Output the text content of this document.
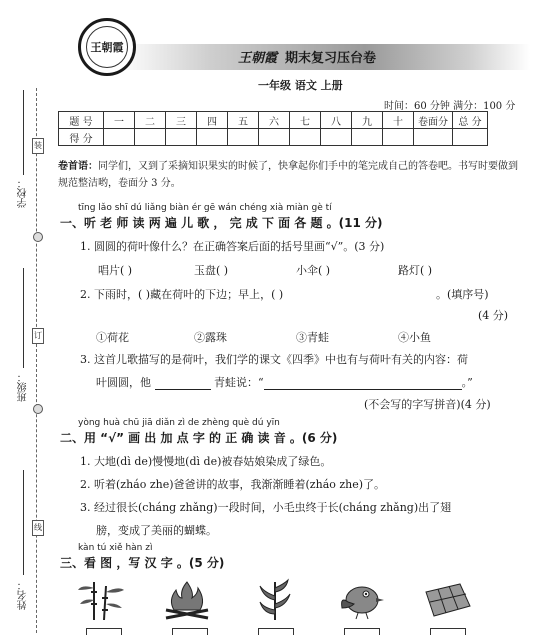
学校：
装
班级：
订
姓名：
线
王朝霞
王朝霞 期末复习压台卷
一年级 语文 上册
时间：60 分钟 满分：100 分
题 号	一	二	三	四	五	六	七	八	九	十	卷面分	总 分
得 分												
卷首语：同学们，又到了采摘知识果实的时候了，快拿起你们手中的笔完成自己的答卷吧。书写时要做到规范整洁哟，卷面分 3 分。
tīng lǎo shī dú liǎng biàn ér gē wán chéng xià miàn gè tí
一、听 老 师 读 两 遍 儿 歌 ， 完 成 下 面 各 题 。(11 分)
1. 圆圆的荷叶像什么？在正确答案后面的括号里画“√”。(3 分)
唱片( )	玉盘( )	小伞( )	路灯( )
2. 下雨时，( )藏在荷叶的下边；早上，( )	。(填序号)
(4 分)
①荷花	②露珠	③青蛙	④小鱼
3. 这首儿歌描写的是荷叶，我们学的课文《四季》中也有与荷叶有关的内容：荷
叶圆圆，他	青蛙说：“	。”
(不会写的字写拼音)(4 分)
yòng huà chū jiā diǎn zì de zhèng què dú yīn
二、用 “√” 画 出 加 点 字 的 正 确 读 音 。(6 分)
1. 大地(dì de)慢慢地(dì de)被春姑娘染成了绿色。
2. 听着(zháo zhe)爸爸讲的故事，我渐渐睡着(zháo zhe)了。
3. 经过很长(cháng zhǎng)一段时间，小毛虫终于长(cháng zhǎng)出了翅
膀，变成了美丽的蝴蝶。
kàn tú xiě hàn zì
三、看 图 ，写 汉 字 。(5 分)
